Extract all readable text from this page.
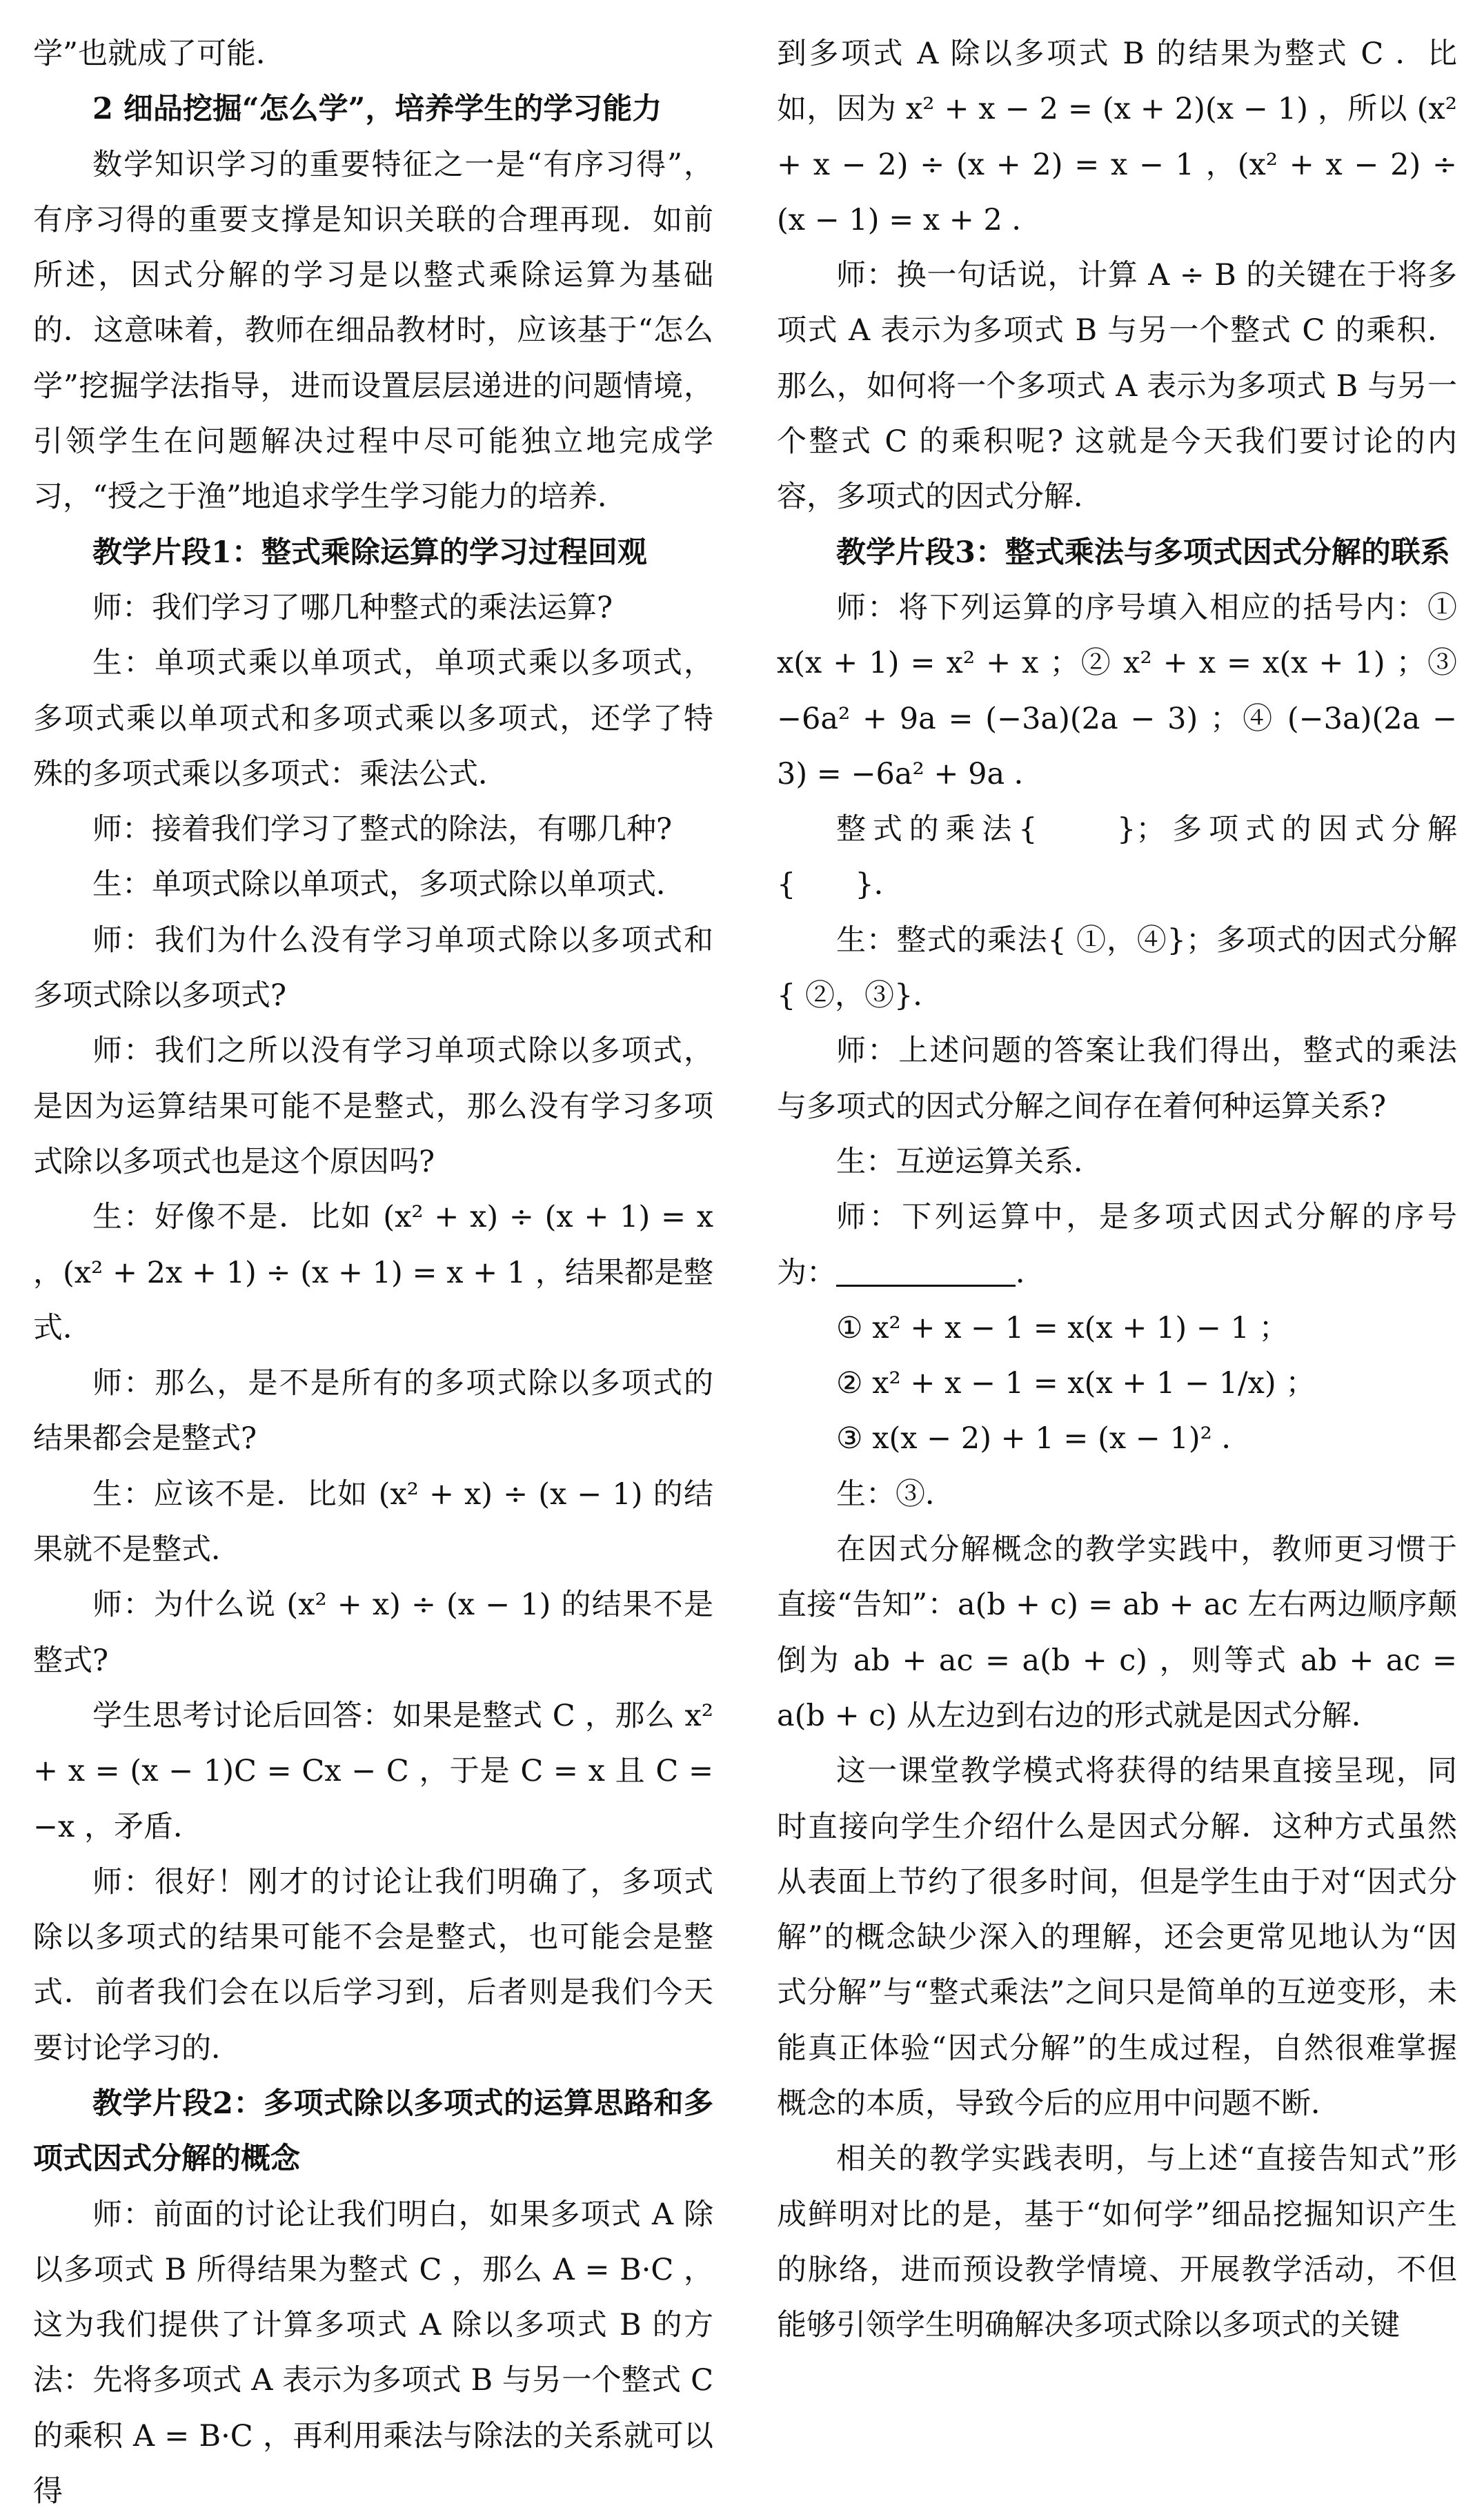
学”也就成了可能．

2 细品挖掘“怎么学”，培养学生的学习能力

数学知识学习的重要特征之一是“有序习得”，有序习得的重要支撑是知识关联的合理再现．如前所述，因式分解的学习是以整式乘除运算为基础的．这意味着，教师在细品教材时，应该基于“怎么学”挖掘学法指导，进而设置层层递进的问题情境，引领学生在问题解决过程中尽可能独立地完成学习，“授之于渔”地追求学生学习能力的培养．

教学片段1：整式乘除运算的学习过程回观

师：我们学习了哪几种整式的乘法运算?

生：单项式乘以单项式，单项式乘以多项式，多项式乘以单项式和多项式乘以多项式，还学了特殊的多项式乘以多项式：乘法公式．

师：接着我们学习了整式的除法，有哪几种?

生：单项式除以单项式，多项式除以单项式．

师：我们为什么没有学习单项式除以多项式和多项式除以多项式?

师：我们之所以没有学习单项式除以多项式，是因为运算结果可能不是整式，那么没有学习多项式除以多项式也是这个原因吗?

生：好像不是．比如 (x² + x) ÷ (x + 1) = x ，(x² + 2x + 1) ÷ (x + 1) = x + 1 ，结果都是整式．

师：那么，是不是所有的多项式除以多项式的结果都会是整式?

生：应该不是．比如 (x² + x) ÷ (x − 1) 的结果就不是整式．

师：为什么说 (x² + x) ÷ (x − 1) 的结果不是整式?

学生思考讨论后回答：如果是整式 C ，那么 x² + x = (x − 1)C = Cx − C ，于是 C = x 且 C = −x ，矛盾．

师：很好！刚才的讨论让我们明确了，多项式除以多项式的结果可能不会是整式，也可能会是整式．前者我们会在以后学习到，后者则是我们今天要讨论学习的．

教学片段2：多项式除以多项式的运算思路和多项式因式分解的概念

师：前面的讨论让我们明白，如果多项式 A 除以多项式 B 所得结果为整式 C ，那么 A = B·C ，这为我们提供了计算多项式 A 除以多项式 B 的方法：先将多项式 A 表示为多项式 B 与另一个整式 C 的乘积 A = B·C ，再利用乘法与除法的关系就可以得

到多项式 A 除以多项式 B 的结果为整式 C ．比如，因为 x² + x − 2 = (x + 2)(x − 1) ，所以 (x² + x − 2) ÷ (x + 2) = x − 1 ，(x² + x − 2) ÷ (x − 1) = x + 2 ．

师：换一句话说，计算 A ÷ B 的关键在于将多项式 A 表示为多项式 B 与另一个整式 C 的乘积．那么，如何将一个多项式 A 表示为多项式 B 与另一个整式 C 的乘积呢? 这就是今天我们要讨论的内容，多项式的因式分解．

教学片段3：整式乘法与多项式因式分解的联系

师：将下列运算的序号填入相应的括号内：① x(x + 1) = x² + x ；② x² + x = x(x + 1) ；③ −6a² + 9a = (−3a)(2a − 3) ；④ (−3a)(2a − 3) = −6a² + 9a ．

整式的乘法{　　}；多项式的因式分解{　　}．

生：整式的乘法{ ①，④}；多项式的因式分解{ ②，③}．

师：上述问题的答案让我们得出，整式的乘法与多项式的因式分解之间存在着何种运算关系?

生：互逆运算关系．

师：下列运算中，是多项式因式分解的序号为：	．

① x² + x − 1 = x(x + 1) − 1 ；

② x² + x − 1 = x(x + 1 − 1/x) ；

③ x(x − 2) + 1 = (x − 1)² ．

生：③．

在因式分解概念的教学实践中，教师更习惯于直接“告知”：a(b + c) = ab + ac 左右两边顺序颠倒为 ab + ac = a(b + c) ，则等式 ab + ac = a(b + c) 从左边到右边的形式就是因式分解．

这一课堂教学模式将获得的结果直接呈现，同时直接向学生介绍什么是因式分解．这种方式虽然从表面上节约了很多时间，但是学生由于对“因式分解”的概念缺少深入的理解，还会更常见地认为“因式分解”与“整式乘法”之间只是简单的互逆变形，未能真正体验“因式分解”的生成过程，自然很难掌握概念的本质，导致今后的应用中问题不断．

相关的教学实践表明，与上述“直接告知式”形成鲜明对比的是，基于“如何学”细品挖掘知识产生的脉络，进而预设教学情境、开展教学活动，不但能够引领学生明确解决多项式除以多项式的关键
